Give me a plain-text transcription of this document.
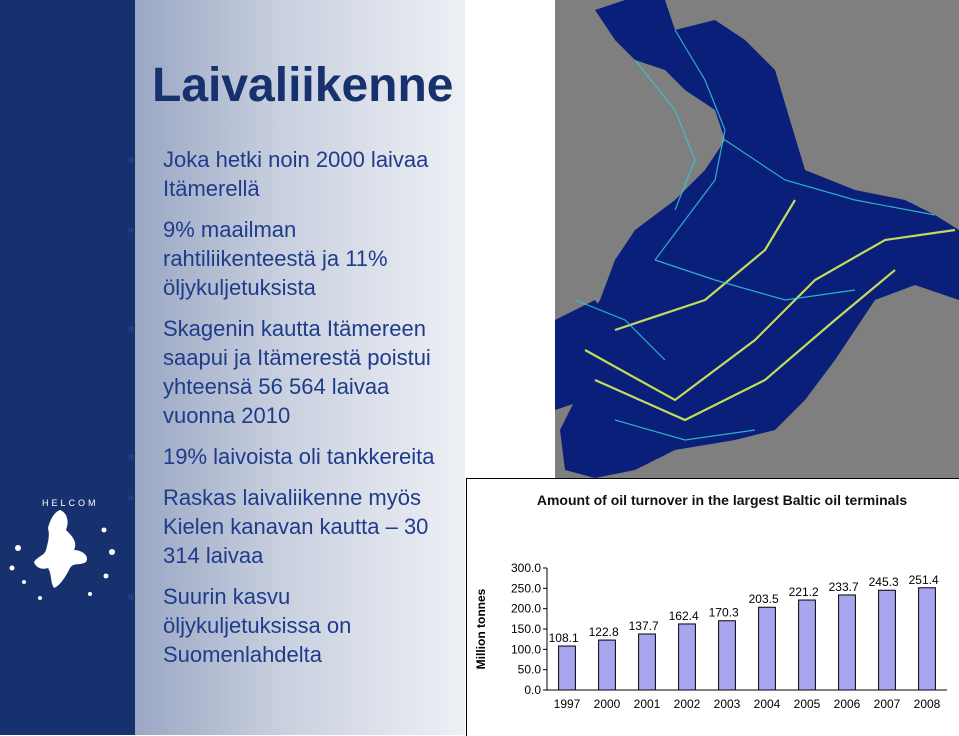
HELCOM
Laivaliikenne
Joka hetki noin 2000 laivaa Itämerellä
9% maailman rahtiliikenteestä ja 11% öljykuljetuksista
Skagenin kautta Itämereen saapui ja Itämerestä poistui yhteensä 56 564 laivaa vuonna 2010
19% laivoista oli tankkereita
Raskas laivaliikenne myös Kielen kanavan kautta – 30 314 laivaa
Suurin kasvu öljykuljetuksissa on Suomenlahdelta
Amount of oil turnover in the largest Baltic oil terminals
Million tonnes
0.0
50.0
100.0
150.0
200.0
250.0
300.0
108.1
1997
122.8
2000
137.7
2001
162.4
2002
170.3
2003
203.5
2004
221.2
2005
233.7
2006
245.3
2007
251.4
2008
